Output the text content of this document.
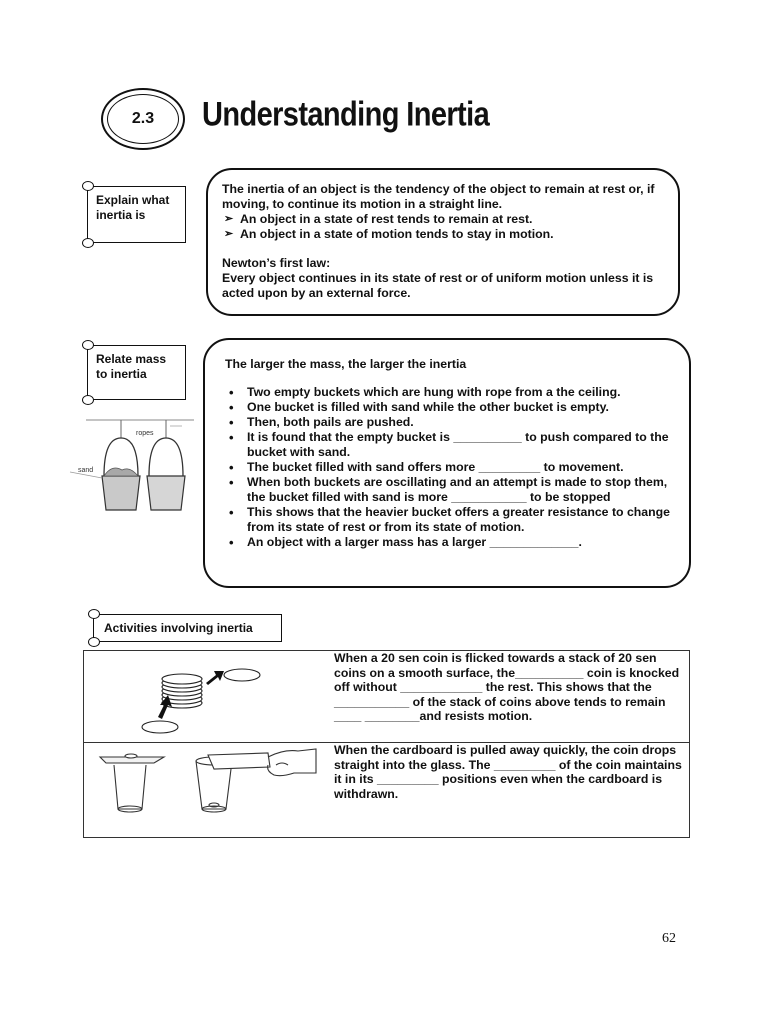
2.3	Understanding Inertia
Explain what inertia is

The inertia of an object is the tendency of the object to remain at rest or, if moving, to continue its motion in a straight line.

➢ An object in a state of rest tends to remain at rest.

➢ An object in a state of motion tends to stay in motion.

Newton’s first law:

Every object continues in its state of rest or of uniform motion unless it is acted upon by an external force.

Relate mass to inertia
ropes
sand

The larger the mass, the larger the inertia

• Two empty buckets which are hung with rope from a the ceiling.
• One bucket is filled with sand while the other bucket is empty.
• Then, both pails are pushed.
• It is found that the empty bucket is __________ to push compared to the bucket with sand.
• The bucket filled with sand offers more _________ to movement.
• When both buckets are oscillating and an attempt is made to stop them, the bucket filled with sand is more ___________ to be stopped
• This shows that the heavier bucket offers a greater resistance to change from its state of rest or from its state of motion.
• An object with a larger mass has a larger _____________.
Activities involving inertia
When a 20 sen coin is flicked towards a stack of 20 sen coins on a smooth surface, the__________ coin is knocked off without ____________ the rest. This shows that the ___________ of the stack of coins above tends to remain ____ ________and resists motion.
When the cardboard is pulled away quickly, the coin drops straight into the glass. The _________ of the coin maintains it in its _________ positions even when the cardboard is withdrawn.
62
